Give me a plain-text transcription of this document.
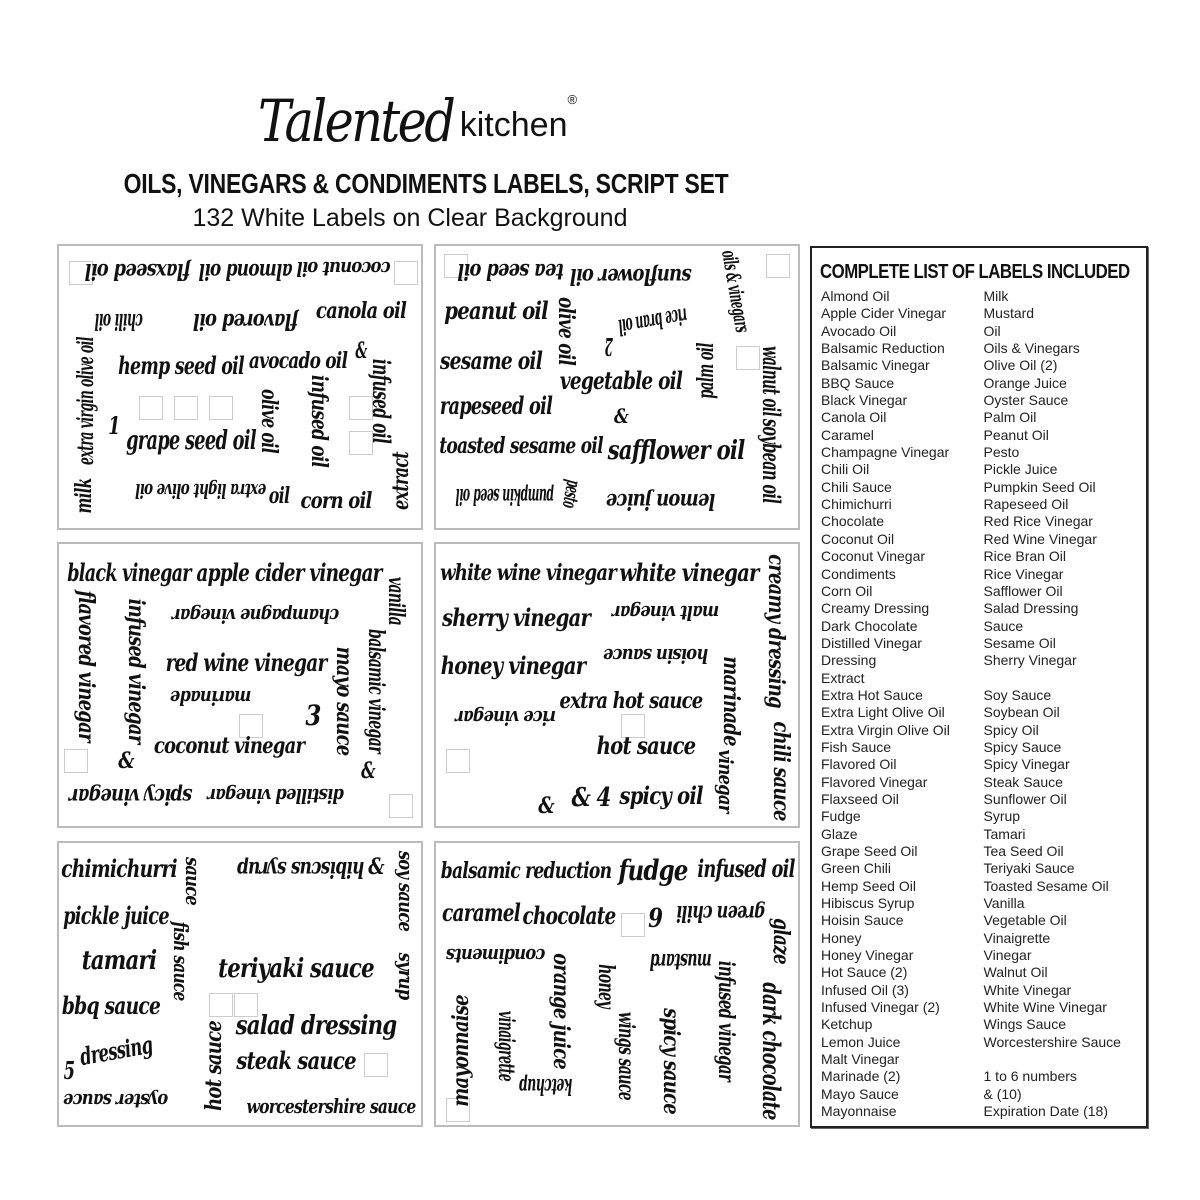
Talented kitchen
®
OILS, VINEGARS & CONDIMENTS LABELS, SCRIPT SET
132 White Labels on Clear Background
flaxseed oil almond oil coconut oil
chili oil flavored oil canola oil
hemp seed oil avocado oil &
extra virgin olive oil 1
grape seed oil olive oil infused oil infused oil
milk extra light olive oil oil corn oil extract
tea seed oil sunflower oil oils & vinegars
peanut oil olive oil rice bran oil
2	walnut oil
sesame oil
vegetable oil palm oil
rapeseed oil	&
toasted sesame oil safflower oil soybean oil
pumpkin seed oil pesto lemon juice
black vinegar apple cider vinegar
vanilla
flavored vinegar infused vinegar champagne vinegar
red wine vinegar balsamic vinegar
marinade
3 mayo sauce
coconut vinegar
&	&
distilled vinegar
spicy vinegar
white wine vinegar white vinegar creamy dressing
sherry vinegar malt vinegar
honey vinegar hoisin sauce
marinade
extra hot sauce
rice vinegar
hot sauce	chili sauce
vinegar
& 4 spicy oil
&
chimichurri	hibiscus syrup & soy sauce
sauce
pickle juice
fish sauce
tamari teriyaki sauce syrup
bbq sauce
salad dressing
5 dressing hot sauce steak sauce
oyster sauce	worcestershire sauce
balsamic reduction fudge infused oil
caramel chocolate 6 green chili
glaze
condiments	mustard
mayonnaise vinaigrette orange juice honey
ketchup wings sauce spicy sauce infused vinegar dark chocolate
COMPLETE LIST OF LABELS INCLUDED
Almond Oil
Apple Cider Vinegar
Avocado Oil
Balsamic Reduction
Balsamic Vinegar
BBQ Sauce
Black Vinegar
Canola Oil
Caramel
Champagne Vinegar
Chili Oil
Chili Sauce
Chimichurri
Chocolate
Coconut Oil
Coconut Vinegar
Condiments
Corn Oil
Creamy Dressing
Dark Chocolate
Distilled Vinegar
Dressing
Extract
Extra Hot Sauce
Extra Light Olive Oil
Extra Virgin Olive Oil
Fish Sauce
Flavored Oil
Flavored Vinegar
Flaxseed Oil
Fudge
Glaze
Grape Seed Oil
Green Chili
Hemp Seed Oil
Hibiscus Syrup
Hoisin Sauce
Honey
Honey Vinegar
Hot Sauce (2)
Infused Oil (3)
Infused Vinegar (2)
Ketchup
Lemon Juice
Malt Vinegar
Marinade (2)
Mayo Sauce
Mayonnaise
Milk
Mustard
Oil
Oils & Vinegars
Olive Oil (2)
Orange Juice
Oyster Sauce
Palm Oil
Peanut Oil
Pesto
Pickle Juice
Pumpkin Seed Oil
Rapeseed Oil
Red Rice Vinegar
Red Wine Vinegar
Rice Bran Oil
Rice Vinegar
Safflower Oil
Salad Dressing
Sauce
Sesame Oil
Sherry Vinegar

Soy Sauce
Soybean Oil
Spicy Oil
Spicy Sauce
Spicy Vinegar
Steak Sauce
Sunflower Oil
Syrup
Tamari
Tea Seed Oil
Teriyaki Sauce
Toasted Sesame Oil
Vanilla
Vegetable Oil
Vinaigrette
Vinegar
Walnut Oil
White Vinegar
White Wine Vinegar
Wings Sauce
Worcestershire Sauce

1 to 6 numbers
& (10)
Expiration Date (18)
